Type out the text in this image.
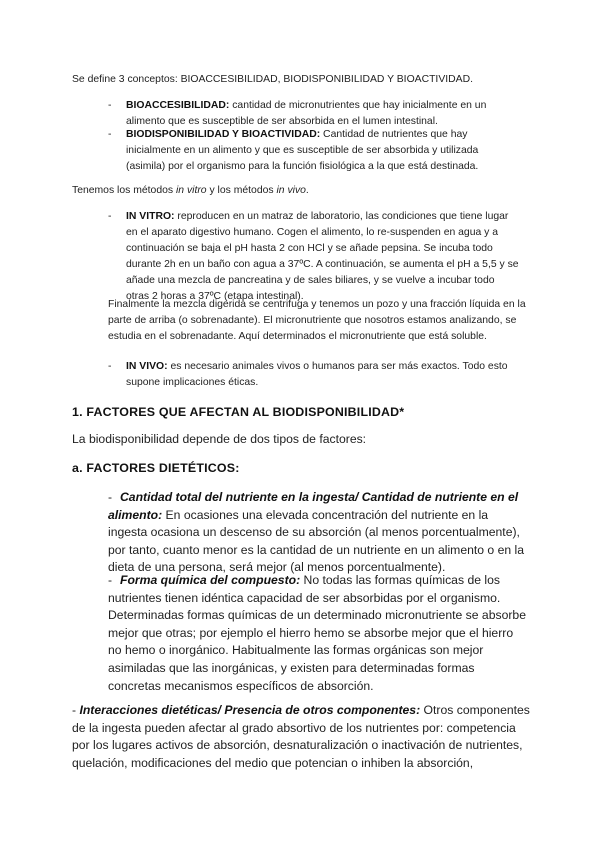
Se define 3 conceptos: BIOACCESIBILIDAD, BIODISPONIBILIDAD Y BIOACTIVIDAD.

- BIOACCESIBILIDAD: cantidad de micronutrientes que hay inicialmente en un alimento que es susceptible de ser absorbida en el lumen intestinal.

- BIODISPONIBILIDAD Y BIOACTIVIDAD: Cantidad de nutrientes que hay inicialmente en un alimento y que es susceptible de ser absorbida y utilizada (asimila) por el organismo para la función fisiológica a la que está destinada.

Tenemos los métodos in vitro y los métodos in vivo.

- IN VITRO: reproducen en un matraz de laboratorio, las condiciones que tiene lugar en el aparato digestivo humano. Cogen el alimento, lo re-suspenden en agua y a continuación se baja el pH hasta 2 con HCl y se añade pepsina. Se incuba todo durante 2h en un baño con agua a 37ºC. A continuación, se aumenta el pH a 5,5 y se añade una mezcla de pancreatina y de sales biliares, y se vuelve a incubar todo otras 2 horas a 37ºC (etapa intestinal).

Finalmente la mezcla digerida se centrifuga y tenemos un pozo y una fracción líquida en la parte de arriba (o sobrenadante). El micronutriente que nosotros estamos analizando, se estudia en el sobrenadante. Aquí determinados el micronutriente que está soluble.

- IN VIVO: es necesario animales vivos o humanos para ser más exactos. Todo esto supone implicaciones éticas.

1. FACTORES QUE AFECTAN AL BIODISPONIBILIDAD*

La biodisponibilidad depende de dos tipos de factores:

a. FACTORES DIETÉTICOS:
- Cantidad total del nutriente en la ingesta/ Cantidad de nutriente en el alimento: En ocasiones una elevada concentración del nutriente en la ingesta ocasiona un descenso de su absorción (al menos porcentualmente), por tanto, cuanto menor es la cantidad de un nutriente en un alimento o en la dieta de una persona, será mejor (al menos porcentualmente).

- Forma química del compuesto: No todas las formas químicas de los nutrientes tienen idéntica capacidad de ser absorbidas por el organismo. Determinadas formas químicas de un determinado micronutriente se absorbe mejor que otras; por ejemplo el hierro hemo se absorbe mejor que el hierro no hemo o inorgánico. Habitualmente las formas orgánicas son mejor asimiladas que las inorgánicas, y existen para determinadas formas concretas mecanismos específicos de absorción.

- Interacciones dietéticas/ Presencia de otros componentes: Otros componentes de la ingesta pueden afectar al grado absortivo de los nutrientes por: competencia por los lugares activos de absorción, desnaturalización o inactivación de nutrientes, quelación, modificaciones del medio que potencian o inhiben la absorción,
